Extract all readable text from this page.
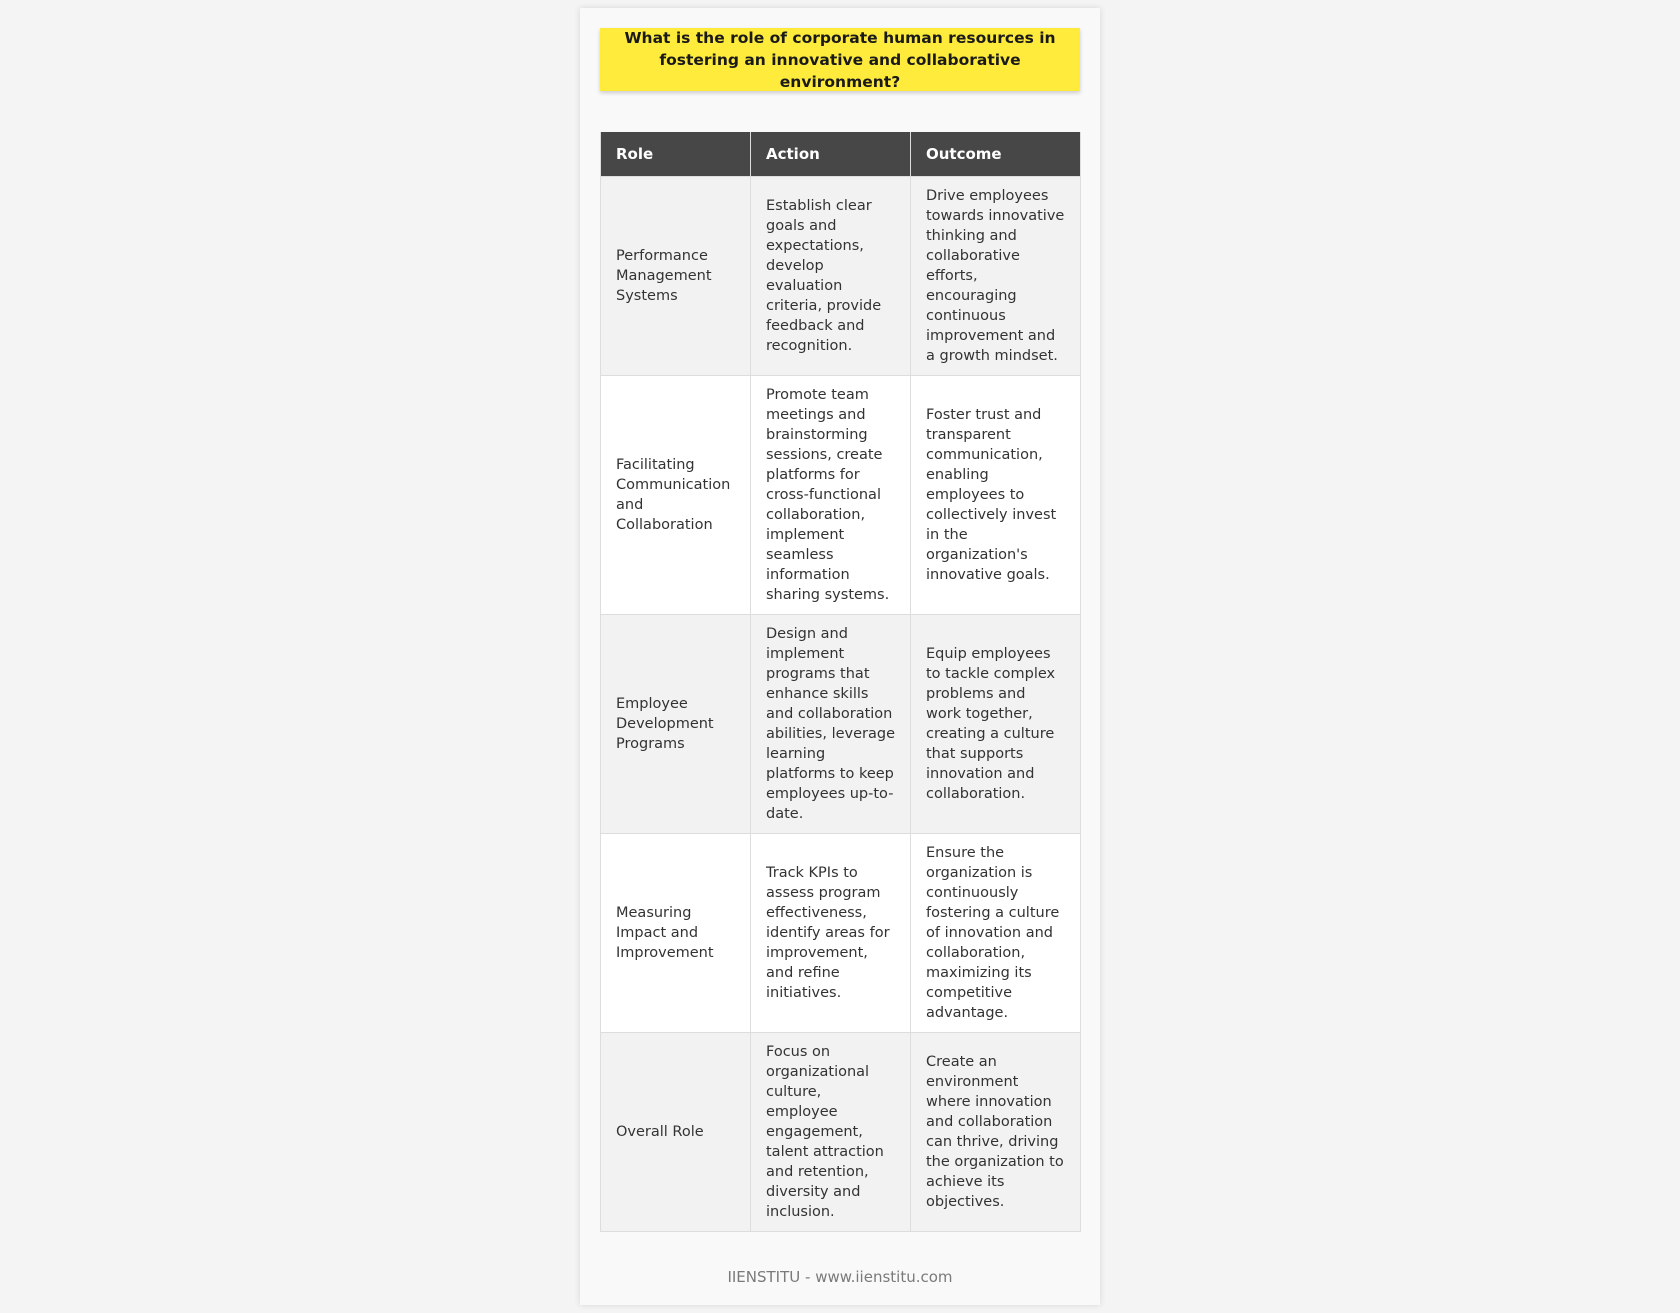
What is the role of corporate human resources in fostering an innovative and collaborative environment?
Role	Action	Outcome
Performance Management Systems	Establish clear goals and expectations, develop evaluation criteria, provide feedback and recognition.	Drive employees towards innovative thinking and collaborative efforts, encouraging continuous improvement and a growth mindset.
Facilitating Communication and Collaboration	Promote team meetings and brainstorming sessions, create platforms for cross-functional collaboration, implement seamless information sharing systems.	Foster trust and transparent communication, enabling employees to collectively invest in the organization's innovative goals.
Employee Development Programs	Design and implement programs that enhance skills and collaboration abilities, leverage learning platforms to keep employees up-to-date.	Equip employees to tackle complex problems and work together, creating a culture that supports innovation and collaboration.
Measuring Impact and Improvement	Track KPIs to assess program effectiveness, identify areas for improvement, and refine initiatives.	Ensure the organization is continuously fostering a culture of innovation and collaboration, maximizing its competitive advantage.
Overall Role	Focus on organizational culture, employee engagement, talent attraction and retention, diversity and inclusion.	Create an environment where innovation and collaboration can thrive, driving the organization to achieve its objectives.
IIENSTITU - www.iienstitu.com
